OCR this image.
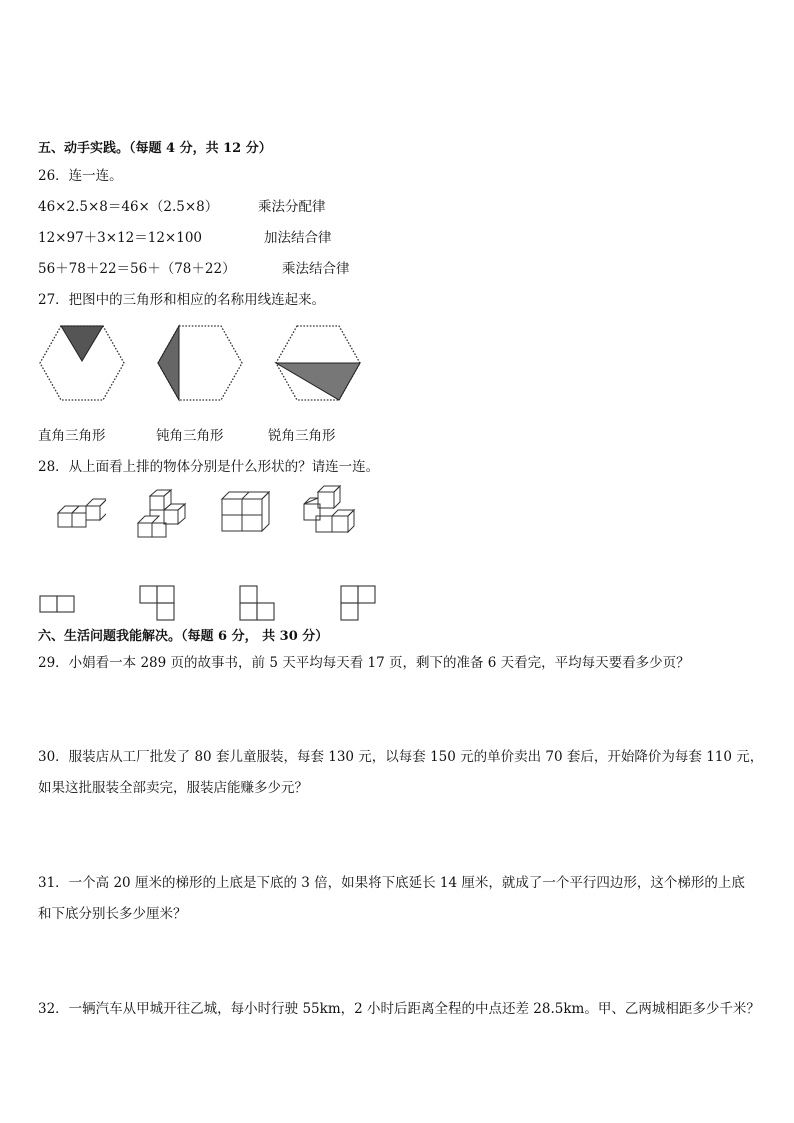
五、动手实践。（每题 4 分，共 12 分）
26．连一连。
46×2.5×8＝46×（2.5×8）	乘法分配律
12×97＋3×12＝12×100	加法结合律
56＋78＋22＝56＋（78＋22）	乘法结合律
27．把图中的三角形和相应的名称用线连起来。
直角三角形	钝角三角形	锐角三角形
28．从上面看上排的物体分别是什么形状的？请连一连。
六、生活问题我能解决。（每题 6 分， 共 30 分）
29．小娟看一本 289 页的故事书，前 5 天平均每天看 17 页，剩下的准备 6 天看完，平均每天要看多少页？
30．服装店从工厂批发了 80 套儿童服装，每套 130 元，以每套 150 元的单价卖出 70 套后，开始降价为每套 110 元，
如果这批服装全部卖完，服装店能赚多少元？
31．一个高 20 厘米的梯形的上底是下底的 3 倍，如果将下底延长 14 厘米，就成了一个平行四边形，这个梯形的上底
和下底分别长多少厘米？
32．一辆汽车从甲城开往乙城，每小时行驶 55km，2 小时后距离全程的中点还差 28.5km。甲、乙两城相距多少千米？
